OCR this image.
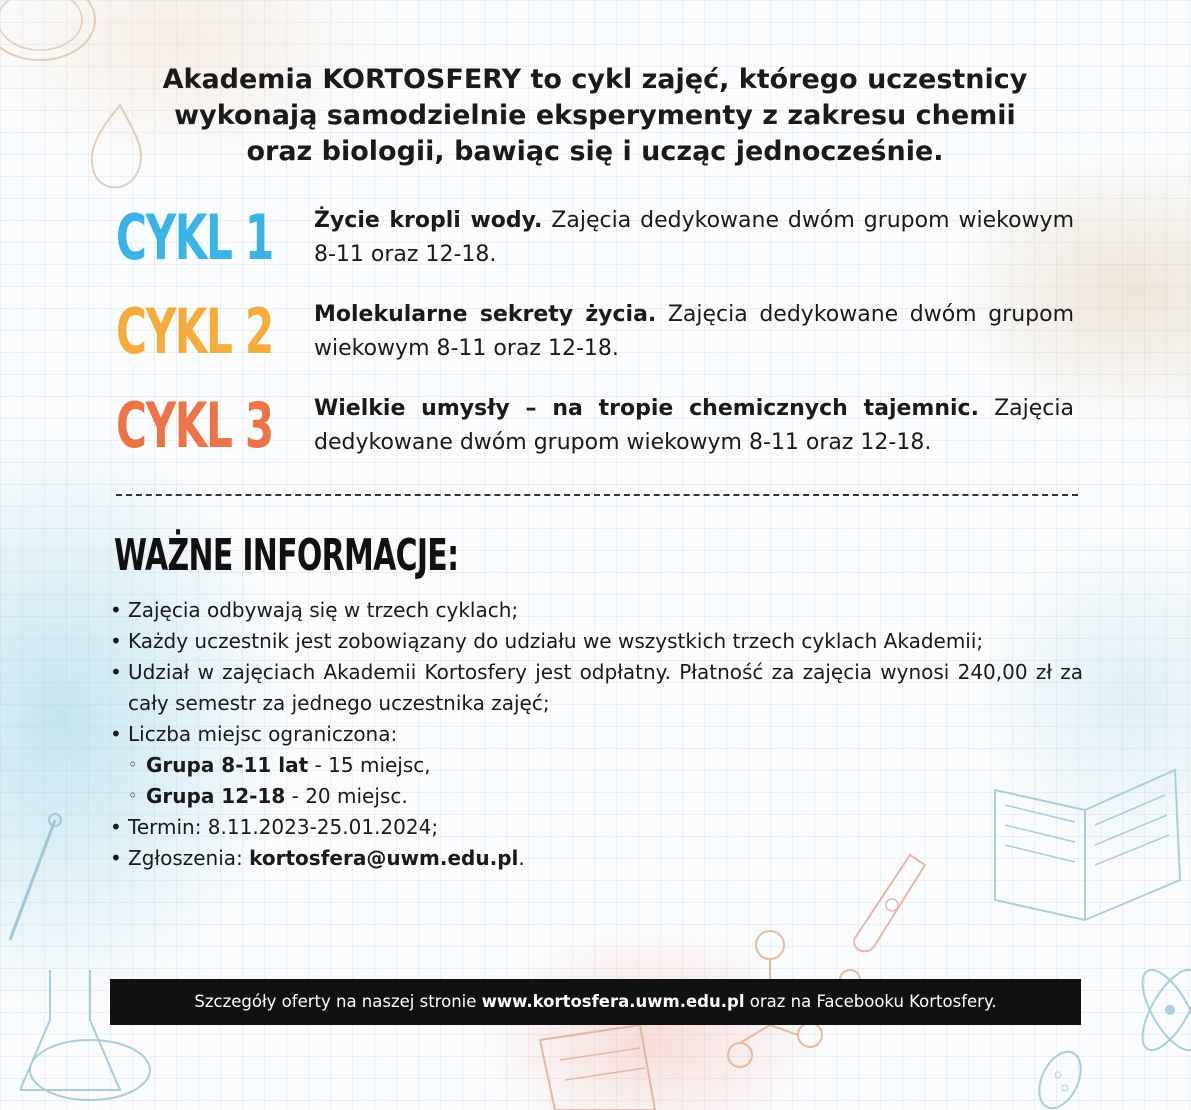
Akademia KORTOSFERY to cykl zajęć, którego uczestnicy
wykonają samodzielnie eksperymenty z zakresu chemii
oraz biologii, bawiąc się i ucząc jednocześnie.
CYKL 1 Życie kropli wody. Zajęcia dedykowane dwóm grupom wiekowym 8-11 oraz 12-18.
CYKL 2 Molekularne sekrety życia. Zajęcia dedykowane dwóm grupom wiekowym 8-11 oraz 12-18.
CYKL 3 Wielkie umysły – na tropie chemicznych tajemnic. Zajęcia dedykowane dwóm grupom wiekowym 8-11 oraz 12-18.
WAŻNE INFORMACJE:
• Zajęcia odbywają się w trzech cyklach;
• Każdy uczestnik jest zobowiązany do udziału we wszystkich trzech cyklach Akademii;
• Udział w zajęciach Akademii Kortosfery jest odpłatny. Płatność za zajęcia wynosi 240,00 zł za cały semestr za jednego uczestnika zajęć;
• Liczba miejsc ograniczona:
◦ Grupa 8-11 lat - 15 miejsc,
◦ Grupa 12-18 - 20 miejsc.
• Termin: 8.11.2023-25.01.2024;
• Zgłoszenia: kortosfera@uwm.edu.pl.
Szczegóły oferty na naszej stronie www.kortosfera.uwm.edu.pl oraz na Facebooku Kortosfery.
